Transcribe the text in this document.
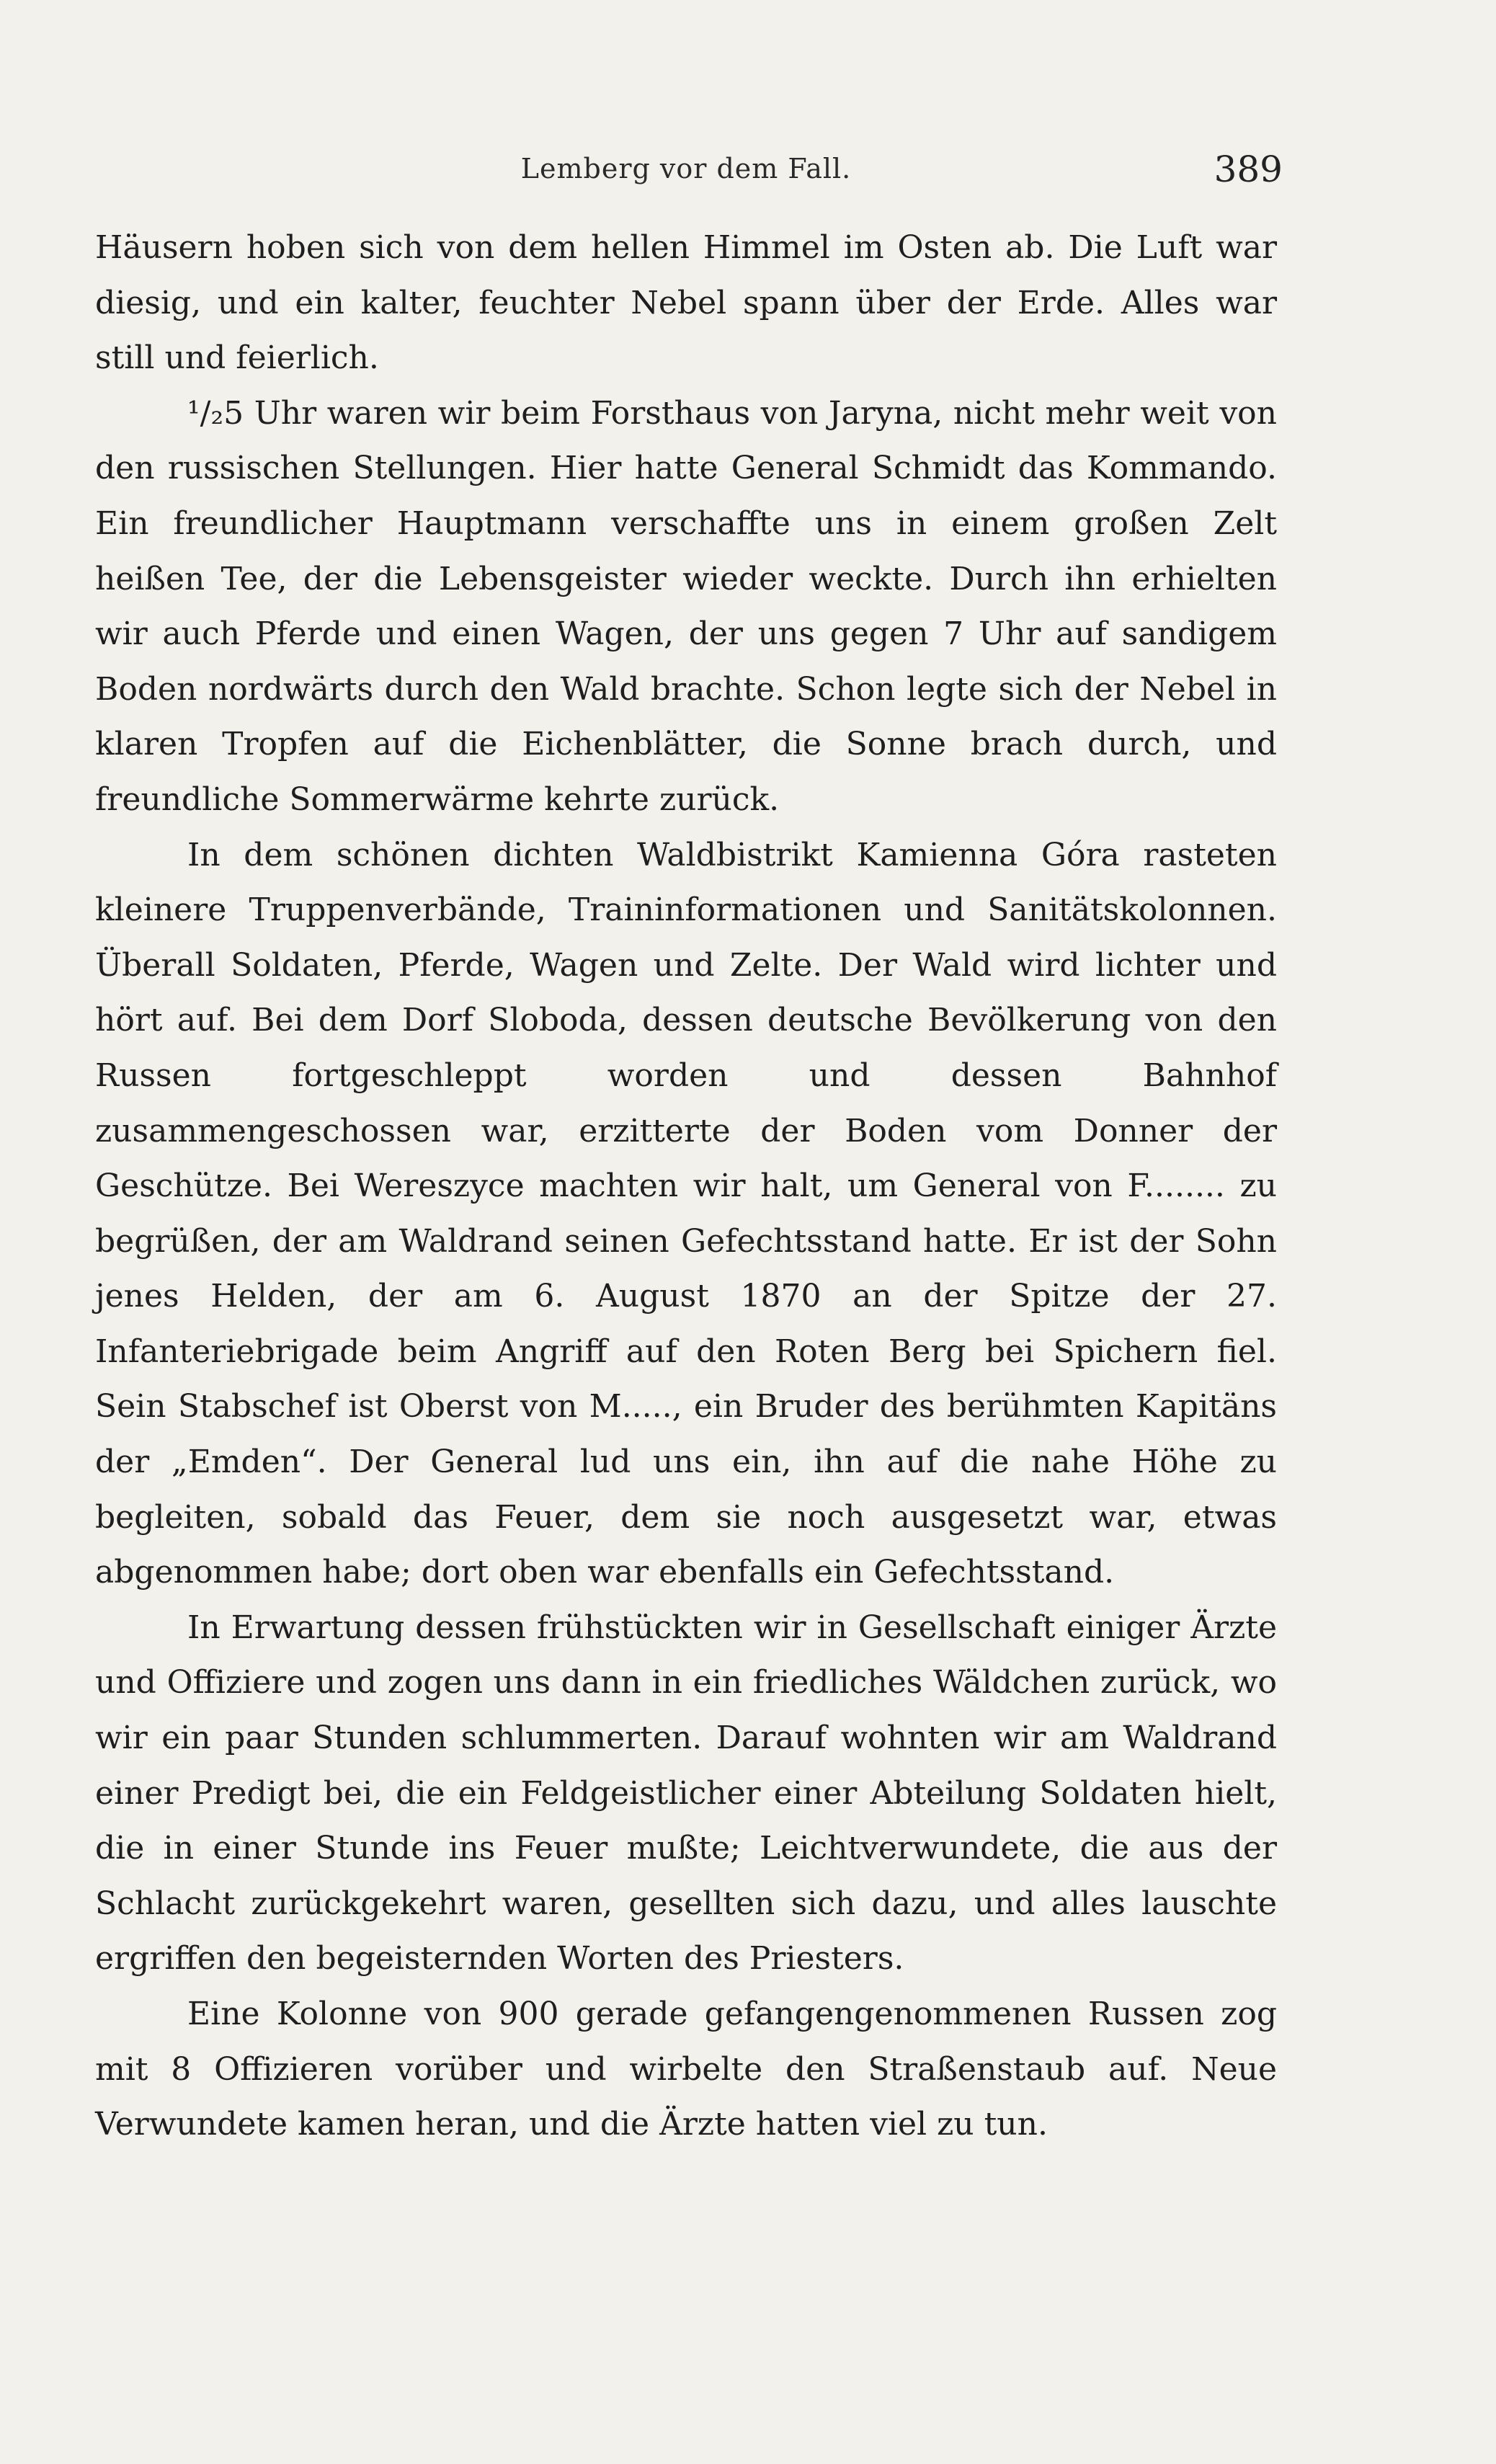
Lemberg vor dem Fall.	389

Häusern hoben sich von dem hellen Himmel im Osten ab. Die Luft war diesig, und ein kalter, feuchter Nebel spann über der Erde. Alles war still und feierlich.

¹/₂5 Uhr waren wir beim Forsthaus von Jaryna, nicht mehr weit von den russischen Stellungen. Hier hatte General Schmidt das Kommando. Ein freundlicher Hauptmann verschaffte uns in einem großen Zelt heißen Tee, der die Lebensgeister wieder weckte. Durch ihn erhielten wir auch Pferde und einen Wagen, der uns gegen 7 Uhr auf sandigem Boden nordwärts durch den Wald brachte. Schon legte sich der Nebel in klaren Tropfen auf die Eichenblätter, die Sonne brach durch, und freundliche Sommerwärme kehrte zurück.

In dem schönen dichten Waldbistrikt Kamienna Góra rasteten kleinere Truppenverbände, Traininformationen und Sanitätskolonnen. Überall Soldaten, Pferde, Wagen und Zelte. Der Wald wird lichter und hört auf. Bei dem Dorf Sloboda, dessen deutsche Bevölkerung von den Russen fortgeschleppt worden und dessen Bahnhof zusammengeschossen war, erzitterte der Boden vom Donner der Geschütze. Bei Wereszyce machten wir halt, um General von F........ zu begrüßen, der am Waldrand seinen Gefechtsstand hatte. Er ist der Sohn jenes Helden, der am 6. August 1870 an der Spitze der 27. Infanteriebrigade beim Angriff auf den Roten Berg bei Spichern fiel. Sein Stabschef ist Oberst von M....., ein Bruder des berühmten Kapitäns der „Emden“. Der General lud uns ein, ihn auf die nahe Höhe zu begleiten, sobald das Feuer, dem sie noch ausgesetzt war, etwas abgenommen habe; dort oben war ebenfalls ein Gefechtsstand.

In Erwartung dessen frühstückten wir in Gesellschaft einiger Ärzte und Offiziere und zogen uns dann in ein friedliches Wäldchen zurück, wo wir ein paar Stunden schlummerten. Darauf wohnten wir am Waldrand einer Predigt bei, die ein Feldgeistlicher einer Abteilung Soldaten hielt, die in einer Stunde ins Feuer mußte; Leichtverwundete, die aus der Schlacht zurückgekehrt waren, gesellten sich dazu, und alles lauschte ergriffen den begeisternden Worten des Priesters.

Eine Kolonne von 900 gerade gefangengenommenen Russen zog mit 8 Offizieren vorüber und wirbelte den Straßenstaub auf. Neue Verwundete kamen heran, und die Ärzte hatten viel zu tun.
